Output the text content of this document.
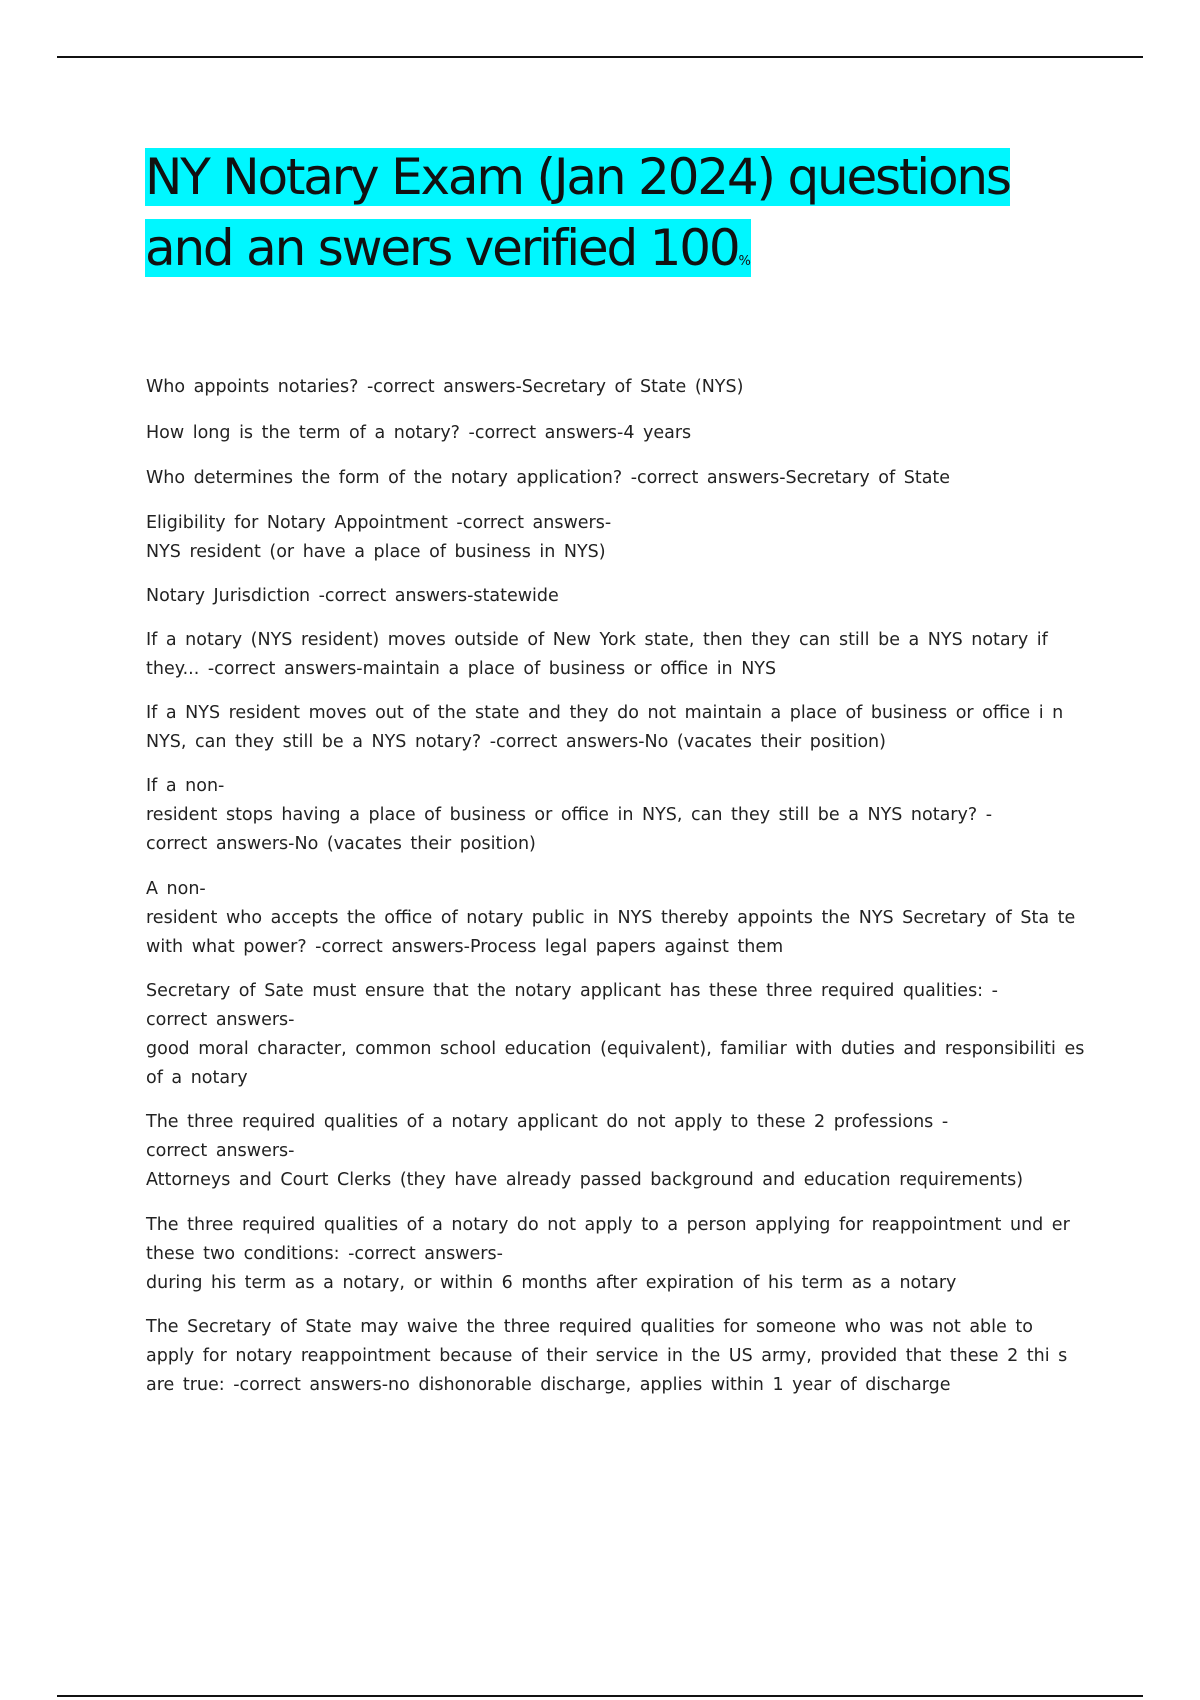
NY Notary Exam (Jan 2024) questions and an swers verified 100%

Who appoints notaries? -correct answers-Secretary of State (NYS)

How long is the term of a notary? -correct answers-4 years

Who determines the form of the notary application? -correct answers-Secretary of State

Eligibility for Notary Appointment -correct answers-
NYS resident (or have a place of business in NYS)

Notary Jurisdiction -correct answers-statewide

If a notary (NYS resident) moves outside of New York state, then they can still be a NYS notary if they... -correct answers-maintain a place of business or office in NYS

If a NYS resident moves out of the state and they do not maintain a place of business or office i n NYS, can they still be a NYS notary? -correct answers-No (vacates their position)

If a non-
resident stops having a place of business or office in NYS, can they still be a NYS notary? -
correct answers-No (vacates their position)

A non-
resident who accepts the office of notary public in NYS thereby appoints the NYS Secretary of Sta te with what power? -correct answers-Process legal papers against them

Secretary of Sate must ensure that the notary applicant has these three required qualities: -
correct answers-
good moral character, common school education (equivalent), familiar with duties and responsibiliti es of a notary

The three required qualities of a notary applicant do not apply to these 2 professions -
correct answers-
Attorneys and Court Clerks (they have already passed background and education requirements)

The three required qualities of a notary do not apply to a person applying for reappointment und er these two conditions: -correct answers-
during his term as a notary, or within 6 months after expiration of his term as a notary

The Secretary of State may waive the three required qualities for someone who was not able to apply for notary reappointment because of their service in the US army, provided that these 2 thi s are true: -correct answers-no dishonorable discharge, applies within 1 year of discharge
